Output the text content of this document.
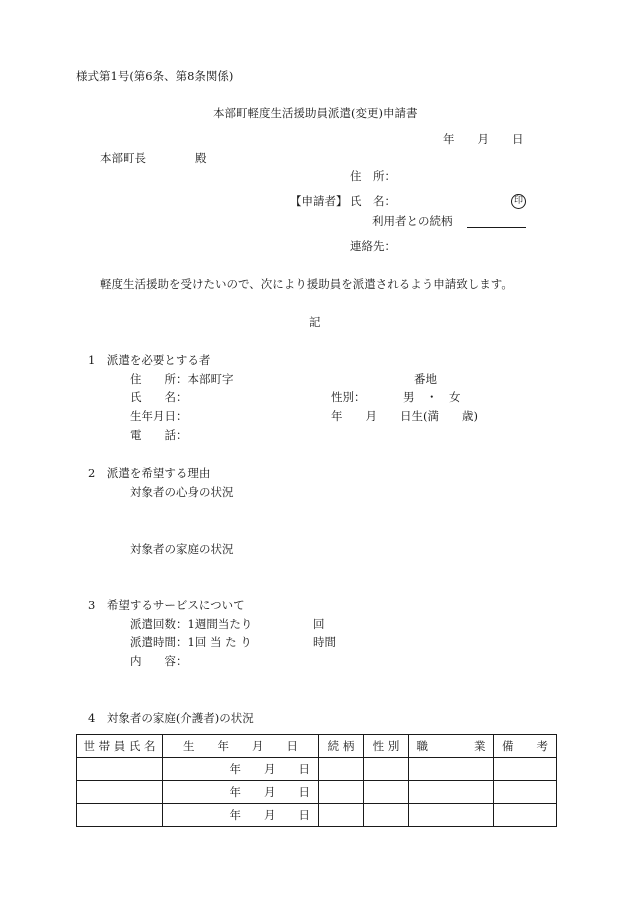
様式第1号(第6条、第8条関係)
本部町軽度生活援助員派遣(変更)申請書
年　　月　　日
本部町長	殿
住　所：
【申請者】 氏　名：	印
利用者との続柄
連絡先：
軽度生活援助を受けたいので、次により援助員を派遣されるよう申請致します。
記
1　派遣を必要とする者
住　　所：本部町字	番地
氏　　名：	性別：	男　・　女
生年月日：	年　　月　　日生(満　　歳)
電　　話：
2　派遣を希望する理由
対象者の心身の状況
対象者の家庭の状況
3　希望するサービスについて
派遣回数：1週間当たり	回
派遣時間：1回 当 た り	時間
内　　容：
4　対象者の家庭(介護者)の状況
世 帯 員 氏 名	生　　年　　月　　日	続 柄	性 別	職　　　　業	備　　考
	年　　月　　日				
	年　　月　　日				
	年　　月　　日				
